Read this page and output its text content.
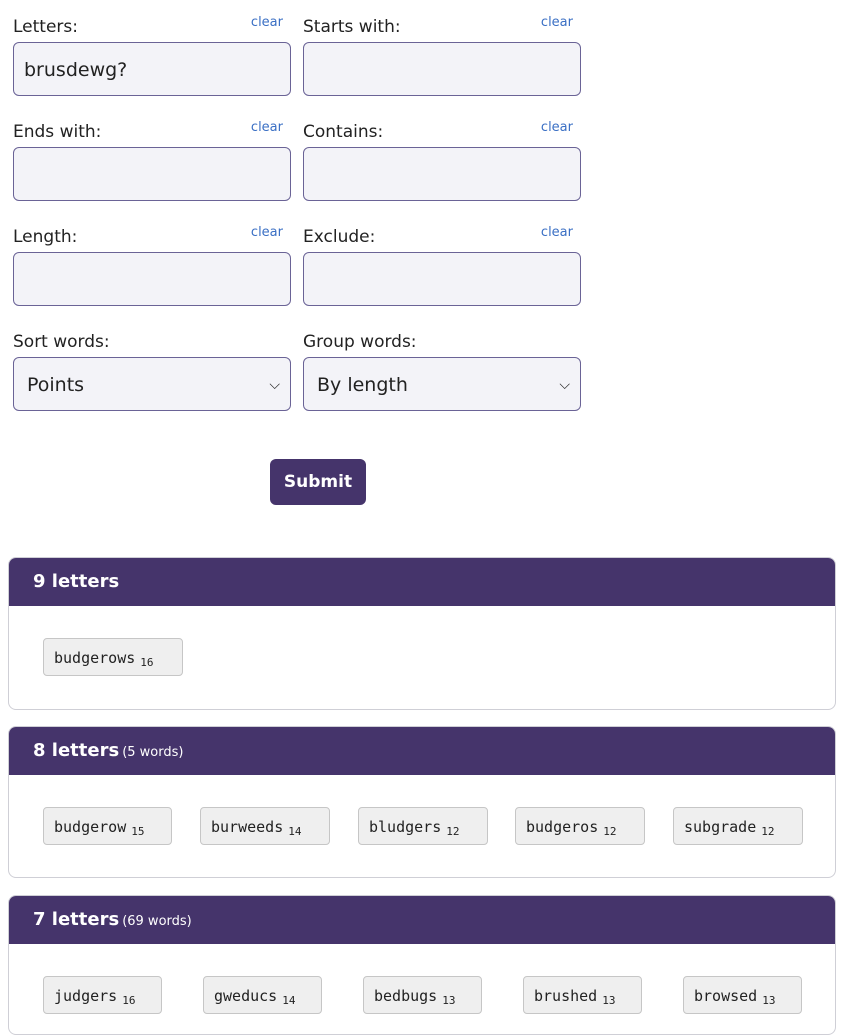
Letters:	clear
brusdewg?
Starts with:	clear
Ends with:	clear Contains:	clear
Length:	clear Exclude:	clear
Sort words:
Points	⌵
Group words:
By length	⌵
Submit
9 letters
budgerows $_{16}$
8 letters (5 words)
budgerow $_{15}$	burweeds $_{14}$	bludgers $_{12}$	budgeros $_{12}$	subgrade $_{12}$
7 letters (69 words)
judgers $_{16}$	gweducs $_{14}$	bedbugs $_{13}$	brushed $_{13}$	browsed $_{13}$
